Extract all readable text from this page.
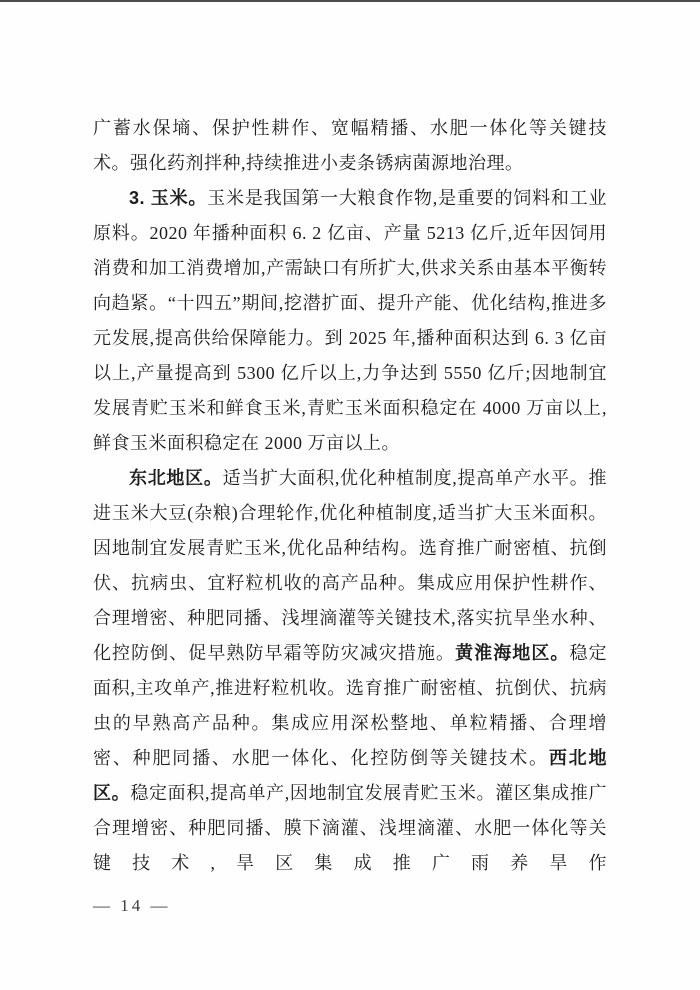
广蓄水保墒、保护性耕作、宽幅精播、水肥一体化等关键技术。强化药剂拌种,持续推进小麦条锈病菌源地治理。

3. 玉米。玉米是我国第一大粮食作物,是重要的饲料和工业原料。2020 年播种面积 6. 2 亿亩、产量 5213 亿斤,近年因饲用消费和加工消费增加,产需缺口有所扩大,供求关系由基本平衡转向趋紧。“十四五”期间,挖潜扩面、提升产能、优化结构,推进多元发展,提高供给保障能力。到 2025 年,播种面积达到 6. 3 亿亩以上,产量提高到 5300 亿斤以上,力争达到 5550 亿斤;因地制宜发展青贮玉米和鲜食玉米,青贮玉米面积稳定在 4000 万亩以上,鲜食玉米面积稳定在 2000 万亩以上。

东北地区。适当扩大面积,优化种植制度,提高单产水平。推进玉米大豆(杂粮)合理轮作,优化种植制度,适当扩大玉米面积。因地制宜发展青贮玉米,优化品种结构。选育推广耐密植、抗倒伏、抗病虫、宜籽粒机收的高产品种。集成应用保护性耕作、合理增密、种肥同播、浅埋滴灌等关键技术,落实抗旱坐水种、化控防倒、促早熟防早霜等防灾减灾措施。黄淮海地区。稳定面积,主攻单产,推进籽粒机收。选育推广耐密植、抗倒伏、抗病虫的早熟高产品种。集成应用深松整地、单粒精播、合理增密、种肥同播、水肥一体化、化控防倒等关键技术。西北地区。稳定面积,提高单产,因地制宜发展青贮玉米。灌区集成推广合理增密、种肥同播、膜下滴灌、浅埋滴灌、水肥一体化等关键技术,旱区集成推广雨养旱作

— 14 —
